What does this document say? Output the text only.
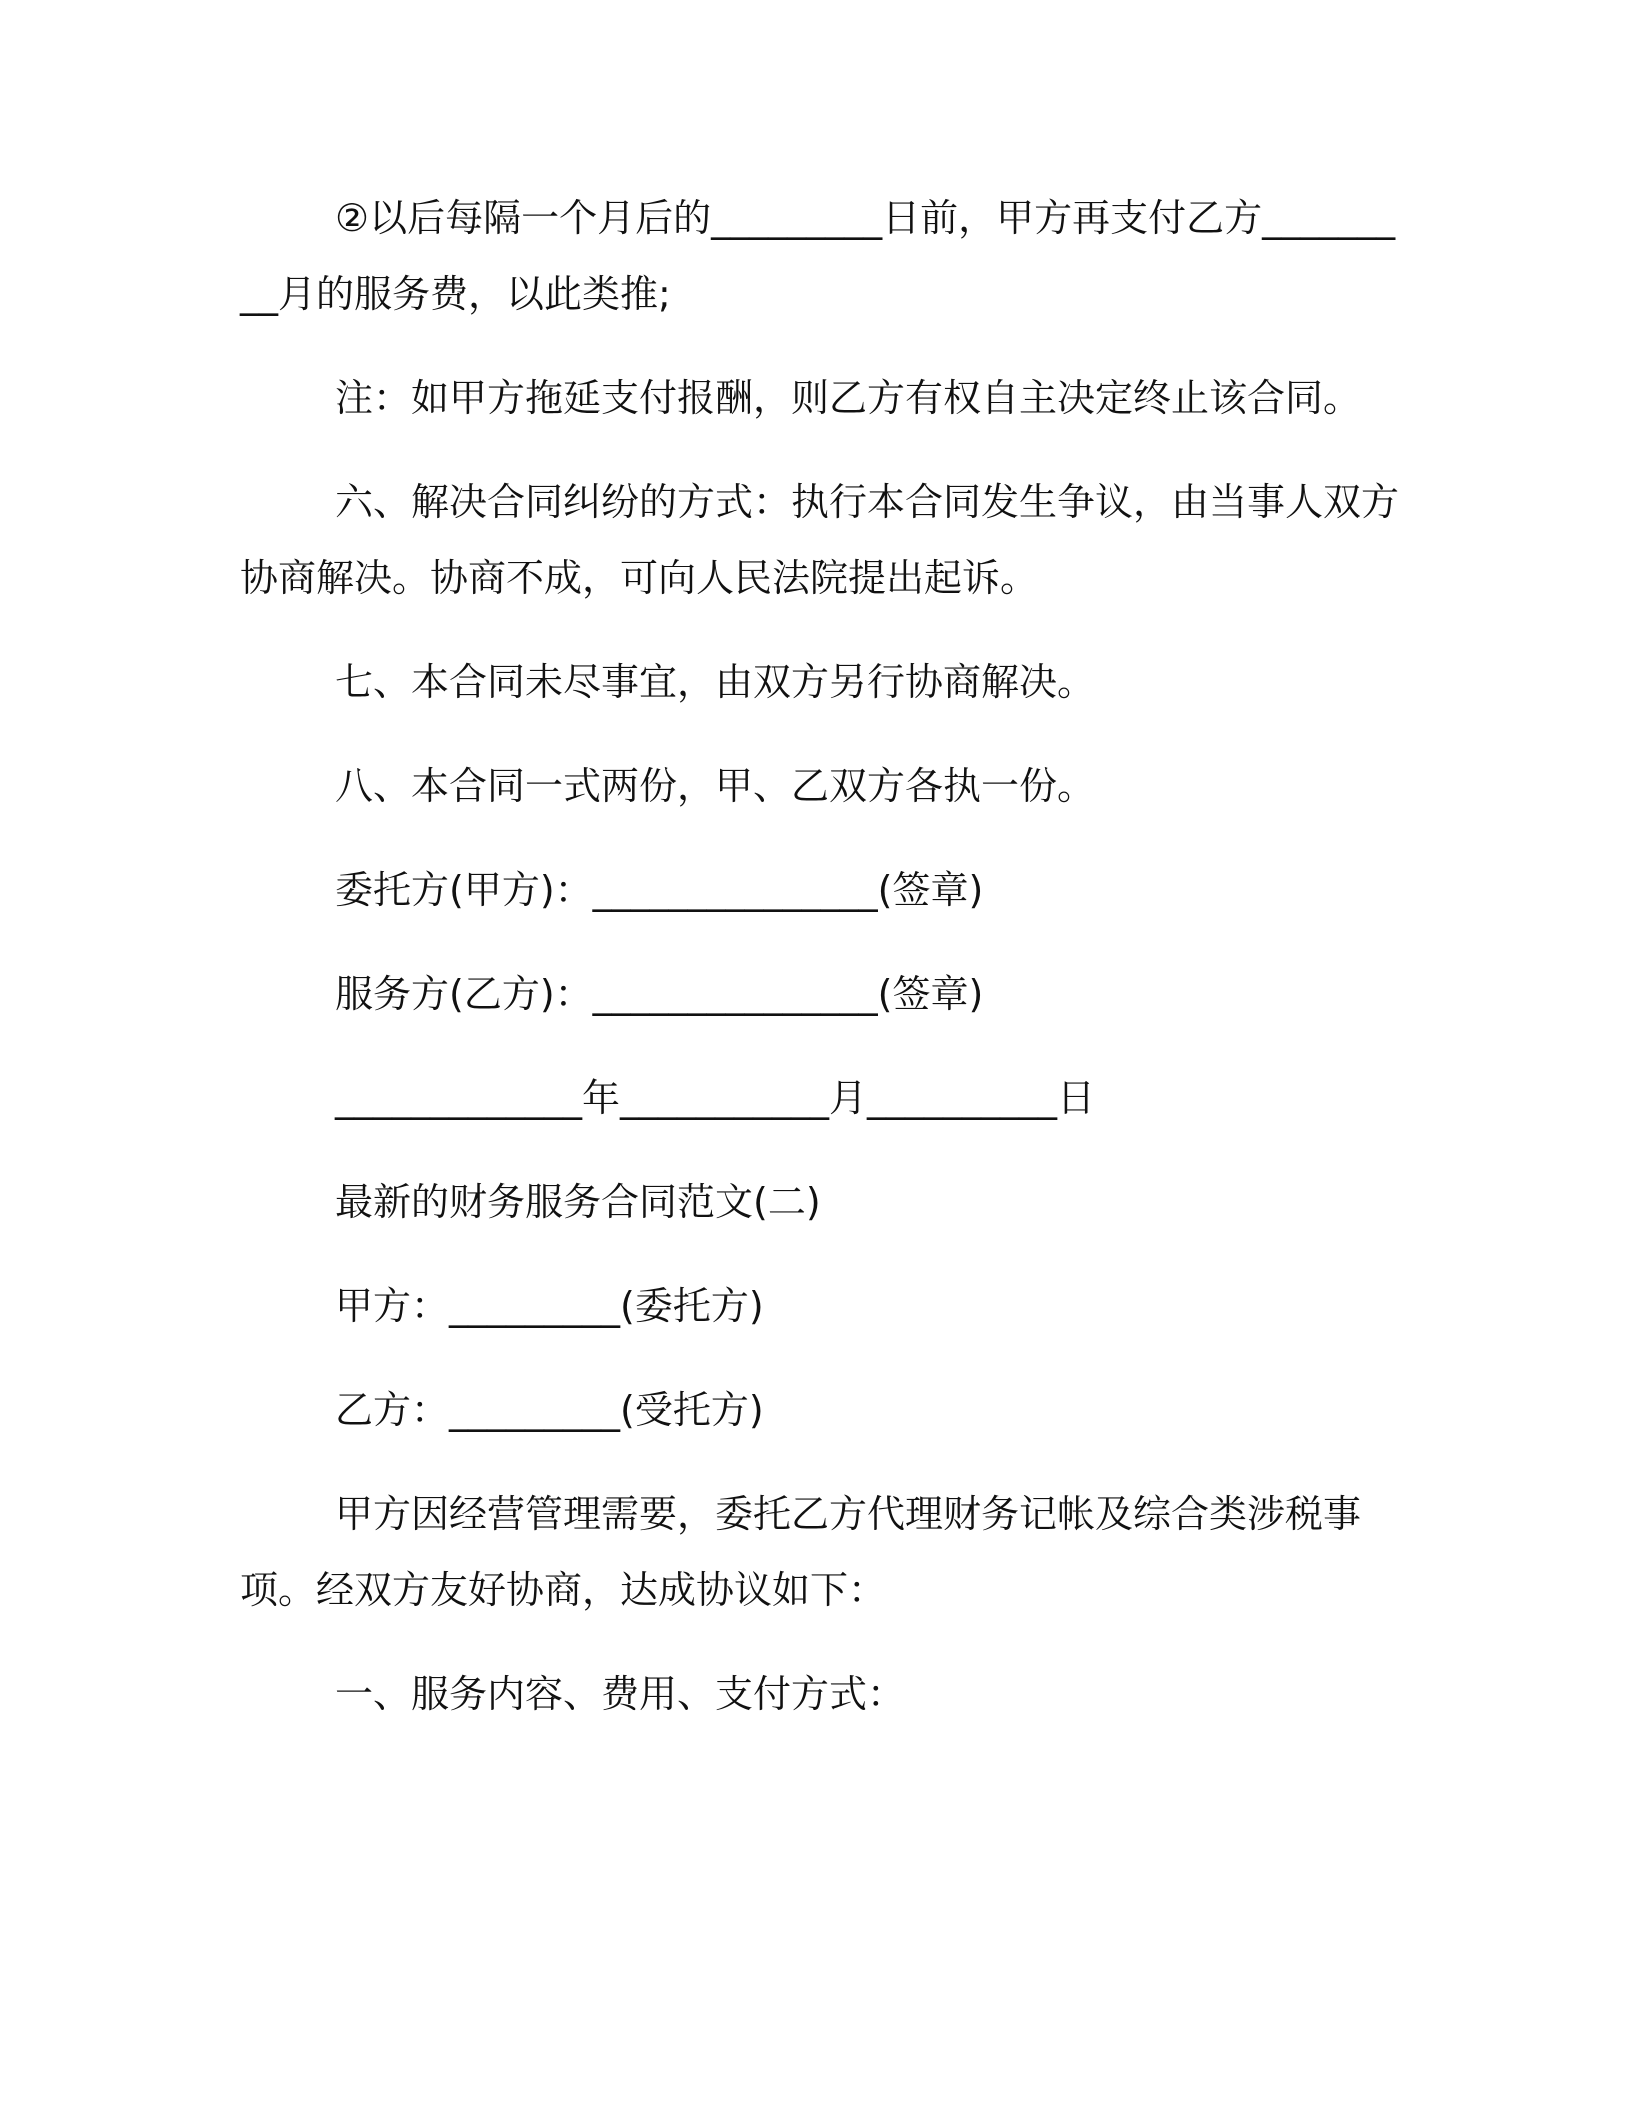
②以后每隔一个月后的_________日前，甲方再支付乙方_________月的服务费，以此类推;

注：如甲方拖延支付报酬，则乙方有权自主决定终止该合同。

六、解决合同纠纷的方式：执行本合同发生争议，由当事人双方协商解决。协商不成，可向人民法院提出起诉。

七、本合同未尽事宜，由双方另行协商解决。

八、本合同一式两份，甲、乙双方各执一份。

委托方(甲方)：_______________(签章)

服务方(乙方)：_______________(签章)

_____________年___________月__________日

最新的财务服务合同范文(二)

甲方：_________(委托方)

乙方：_________(受托方)

甲方因经营管理需要，委托乙方代理财务记帐及综合类涉税事项。经双方友好协商，达成协议如下：

一、服务内容、费用、支付方式：
